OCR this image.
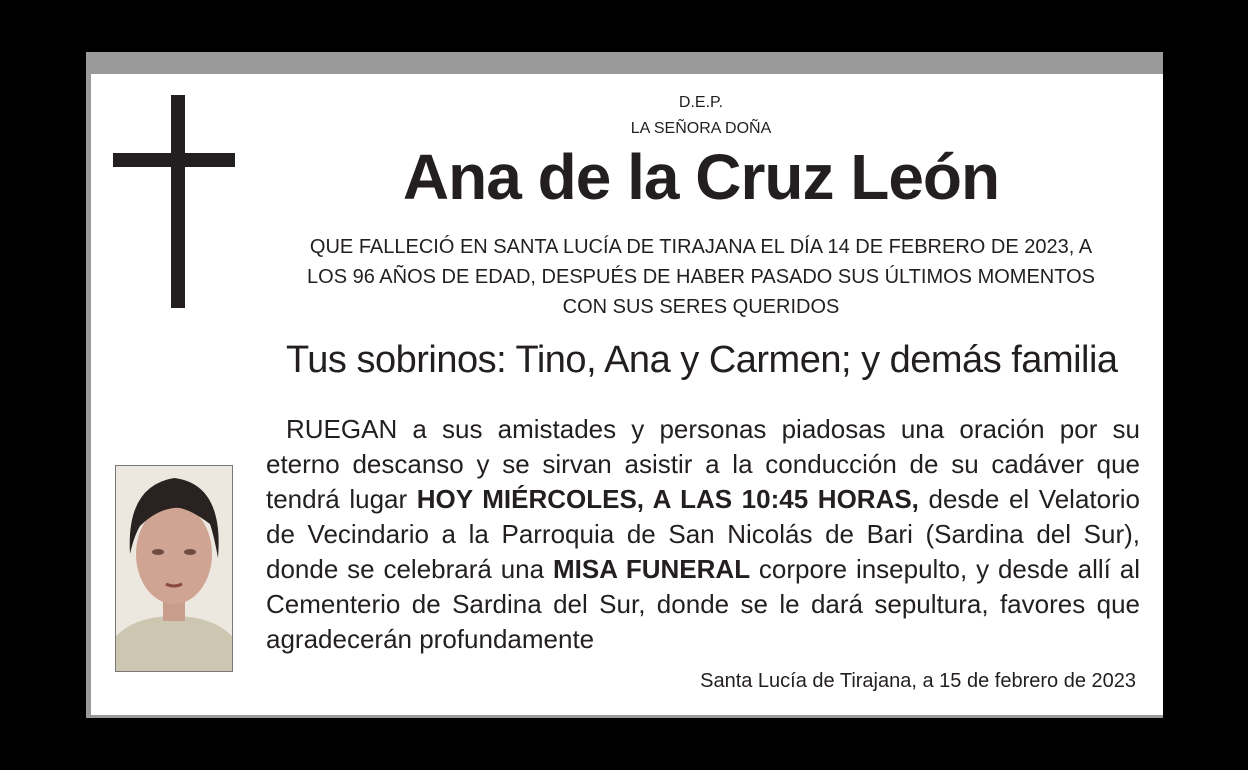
D.E.P.
LA SEÑORA DOÑA
Ana de la Cruz León
QUE FALLECIÓ EN SANTA LUCÍA DE TIRAJANA EL DÍA 14 DE FEBRERO DE 2023, A
LOS 96 AÑOS DE EDAD, DESPUÉS DE HABER PASADO SUS ÚLTIMOS MOMENTOS
CON SUS SERES QUERIDOS
Tus sobrinos: Tino, Ana y Carmen; y demás familia
RUEGAN a sus amistades y personas piadosas una oración por su eterno descanso y se sirvan asistir a la conducción de su cadáver que tendrá lugar HOY MIÉRCOLES, A LAS 10:45 HORAS, desde el Velatorio de Vecindario a la Parroquia de San Nicolás de Bari (Sardina del Sur), donde se celebrará una MISA FUNERAL corpore insepulto, y desde allí al Cementerio de Sardina del Sur, donde se le dará sepultura, favores que agradecerán profundamente
Santa Lucía de Tirajana, a 15 de febrero de 2023
